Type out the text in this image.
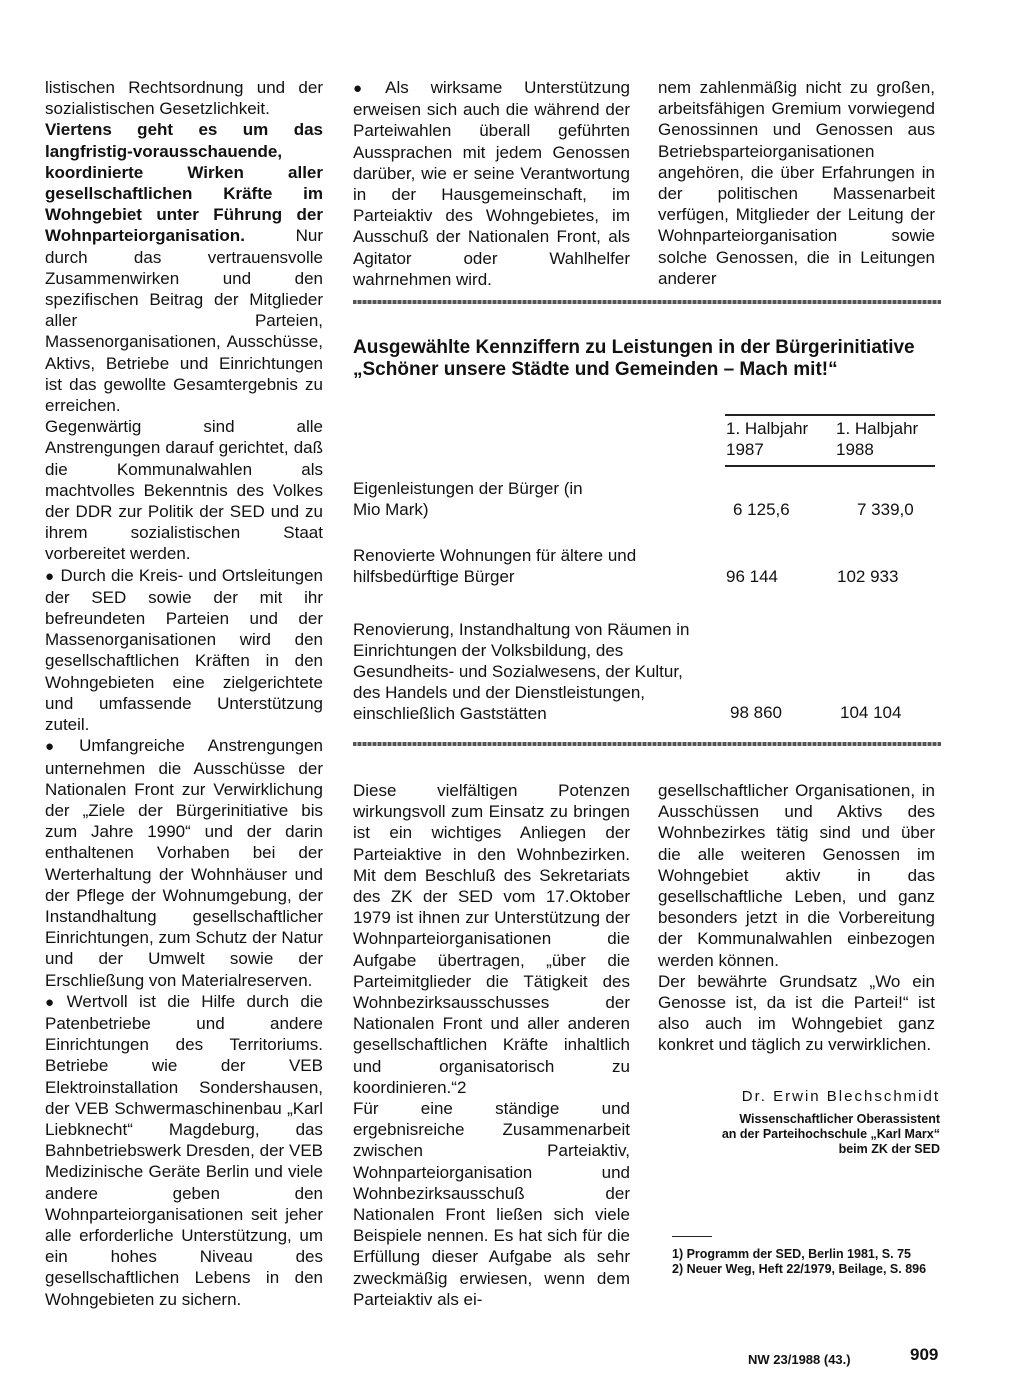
listischen Rechtsordnung und der sozialistischen Gesetzlichkeit.

Viertens geht es um das langfristig-vorausschauende, koordinierte Wirken aller gesellschaftlichen Kräfte im Wohngebiet unter Führung der Wohnparteiorganisation. Nur durch das vertrauensvolle Zusammenwirken und den spezifischen Beitrag der Mitglieder aller Parteien, Massenorganisationen, Ausschüsse, Aktivs, Betriebe und Einrichtungen ist das gewollte Gesamtergebnis zu erreichen.

Gegenwärtig sind alle Anstrengungen darauf gerichtet, daß die Kommunalwahlen als machtvolles Bekenntnis des Volkes der DDR zur Politik der SED und zu ihrem sozialistischen Staat vorbereitet werden.

● Durch die Kreis- und Ortsleitungen der SED sowie der mit ihr befreundeten Parteien und der Massenorganisationen wird den gesellschaftlichen Kräften in den Wohngebieten eine zielgerichtete und umfassende Unterstützung zuteil.

● Umfangreiche Anstrengungen unternehmen die Ausschüsse der Nationalen Front zur Verwirklichung der „Ziele der Bürgerinitiative bis zum Jahre 1990“ und der darin enthaltenen Vorhaben bei der Werterhaltung der Wohnhäuser und der Pflege der Wohnumgebung, der Instandhaltung gesellschaftlicher Einrichtungen, zum Schutz der Natur und der Umwelt sowie der Erschließung von Materialreserven.

● Wertvoll ist die Hilfe durch die Patenbetriebe und andere Einrichtungen des Territoriums. Betriebe wie der VEB Elektroinstallation Sondershausen, der VEB Schwermaschinenbau „Karl Liebknecht“ Magdeburg, das Bahnbetriebswerk Dresden, der VEB Medizinische Geräte Berlin und viele andere geben den Wohnparteiorganisationen seit jeher alle erforderliche Unterstützung, um ein hohes Niveau des gesellschaftlichen Lebens in den Wohngebieten zu sichern.

● Als wirksame Unterstützung erweisen sich auch die während der Parteiwahlen überall geführten Aussprachen mit jedem Genossen darüber, wie er seine Verantwortung in der Hausgemeinschaft, im Parteiaktiv des Wohngebietes, im Ausschuß der Nationalen Front, als Agitator oder Wahlhelfer wahrnehmen wird.

nem zahlenmäßig nicht zu großen, arbeitsfähigen Gremium vorwiegend Genossinnen und Genossen aus Betriebsparteiorganisationen angehören, die über Erfahrungen in der politischen Massenarbeit verfügen, Mitglieder der Leitung der Wohnparteiorganisation sowie solche Genossen, die in Leitungen anderer

Ausgewählte Kennziffern zu Leistungen in der Bürgerinitiative „Schöner unsere Städte und Gemeinden – Mach mit!“
1. Halbjahr 1987
1. Halbjahr 1988
Eigenleistungen der Bürger (in Mio Mark)	6 125,6	7 339,0
Renovierte Wohnungen für ältere und hilfsbedürftige Bürger	96 144	102 933
Renovierung, Instandhaltung von Räumen in Einrichtungen der Volksbildung, des Gesundheits- und Sozialwesens, der Kultur, des Handels und der Dienstleistungen, einschließlich Gaststätten	98 860	104 104

Diese vielfältigen Potenzen wirkungsvoll zum Einsatz zu bringen ist ein wichtiges Anliegen der Parteiaktive in den Wohnbezirken. Mit dem Beschluß des Sekretariats des ZK der SED vom 17.Oktober 1979 ist ihnen zur Unterstützung der Wohnparteiorganisationen die Aufgabe übertragen, „über die Parteimitglieder die Tätigkeit des Wohnbezirksausschusses der Nationalen Front und aller anderen gesellschaftlichen Kräfte inhaltlich und organisatorisch zu koordinieren.“2

Für eine ständige und ergebnisreiche Zusammenarbeit zwischen Parteiaktiv, Wohnparteiorganisation und Wohnbezirksausschuß der Nationalen Front ließen sich viele Beispiele nennen. Es hat sich für die Erfüllung dieser Aufgabe als sehr zweckmäßig erwiesen, wenn dem Parteiaktiv als ei-

gesellschaftlicher Organisationen, in Ausschüssen und Aktivs des Wohnbezirkes tätig sind und über die alle weiteren Genossen im Wohngebiet aktiv in das gesellschaftliche Leben, und ganz besonders jetzt in die Vorbereitung der Kommunalwahlen einbezogen werden können.

Der bewährte Grundsatz „Wo ein Genosse ist, da ist die Partei!“ ist also auch im Wohngebiet ganz konkret und täglich zu verwirklichen.

Dr. Erwin Blechschmidt
Wissenschaftlicher Oberassistent
an der Parteihochschule „Karl Marx“
beim ZK der SED

1) Programm der SED, Berlin 1981, S. 75

2) Neuer Weg, Heft 22/1979, Beilage, S. 896

NW 23/1988 (43.)	909
